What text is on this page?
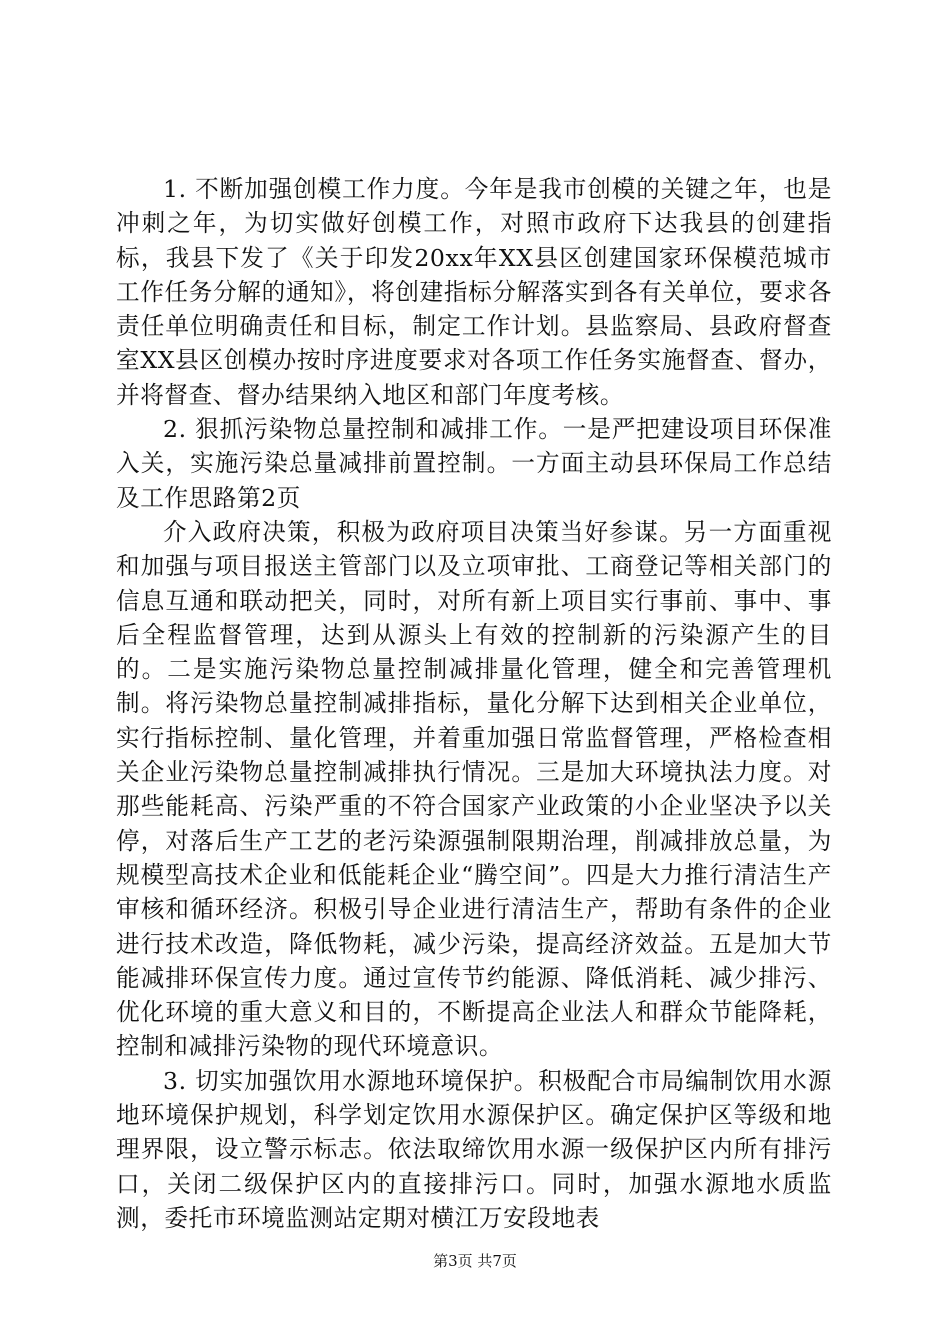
1. 不断加强创模工作力度。今年是我市创模的关键之年，也是冲刺之年，为切实做好创模工作，对照市政府下达我县的创建指标，我县下发了《关于印发20xx年XX县区创建国家环保模范城市工作任务分解的通知》，将创建指标分解落实到各有关单位，要求各责任单位明确责任和目标，制定工作计划。县监察局、县政府督查室XX县区创模办按时序进度要求对各项工作任务实施督查、督办，并将督查、督办结果纳入地区和部门年度考核。

2. 狠抓污染物总量控制和减排工作。一是严把建设项目环保准入关，实施污染总量减排前置控制。一方面主动县环保局工作总结及工作思路第2页

介入政府决策，积极为政府项目决策当好参谋。另一方面重视和加强与项目报送主管部门以及立项审批、工商登记等相关部门的信息互通和联动把关，同时，对所有新上项目实行事前、事中、事后全程监督管理，达到从源头上有效的控制新的污染源产生的目的。二是实施污染物总量控制减排量化管理，健全和完善管理机制。将污染物总量控制减排指标，量化分解下达到相关企业单位，实行指标控制、量化管理，并着重加强日常监督管理，严格检查相关企业污染物总量控制减排执行情况。三是加大环境执法力度。对那些能耗高、污染严重的不符合国家产业政策的小企业坚决予以关停，对落后生产工艺的老污染源强制限期治理，削减排放总量，为规模型高技术企业和低能耗企业“腾空间”。四是大力推行清洁生产审核和循环经济。积极引导企业进行清洁生产，帮助有条件的企业进行技术改造，降低物耗，减少污染，提高经济效益。五是加大节能减排环保宣传力度。通过宣传节约能源、降低消耗、减少排污、优化环境的重大意义和目的，不断提高企业法人和群众节能降耗，控制和减排污染物的现代环境意识。

3. 切实加强饮用水源地环境保护。积极配合市局编制饮用水源地环境保护规划，科学划定饮用水源保护区。确定保护区等级和地理界限，设立警示标志。依法取缔饮用水源一级保护区内所有排污口，关闭二级保护区内的直接排污口。同时，加强水源地水质监测，委托市环境监测站定期对横江万安段地表

第3页 共7页
